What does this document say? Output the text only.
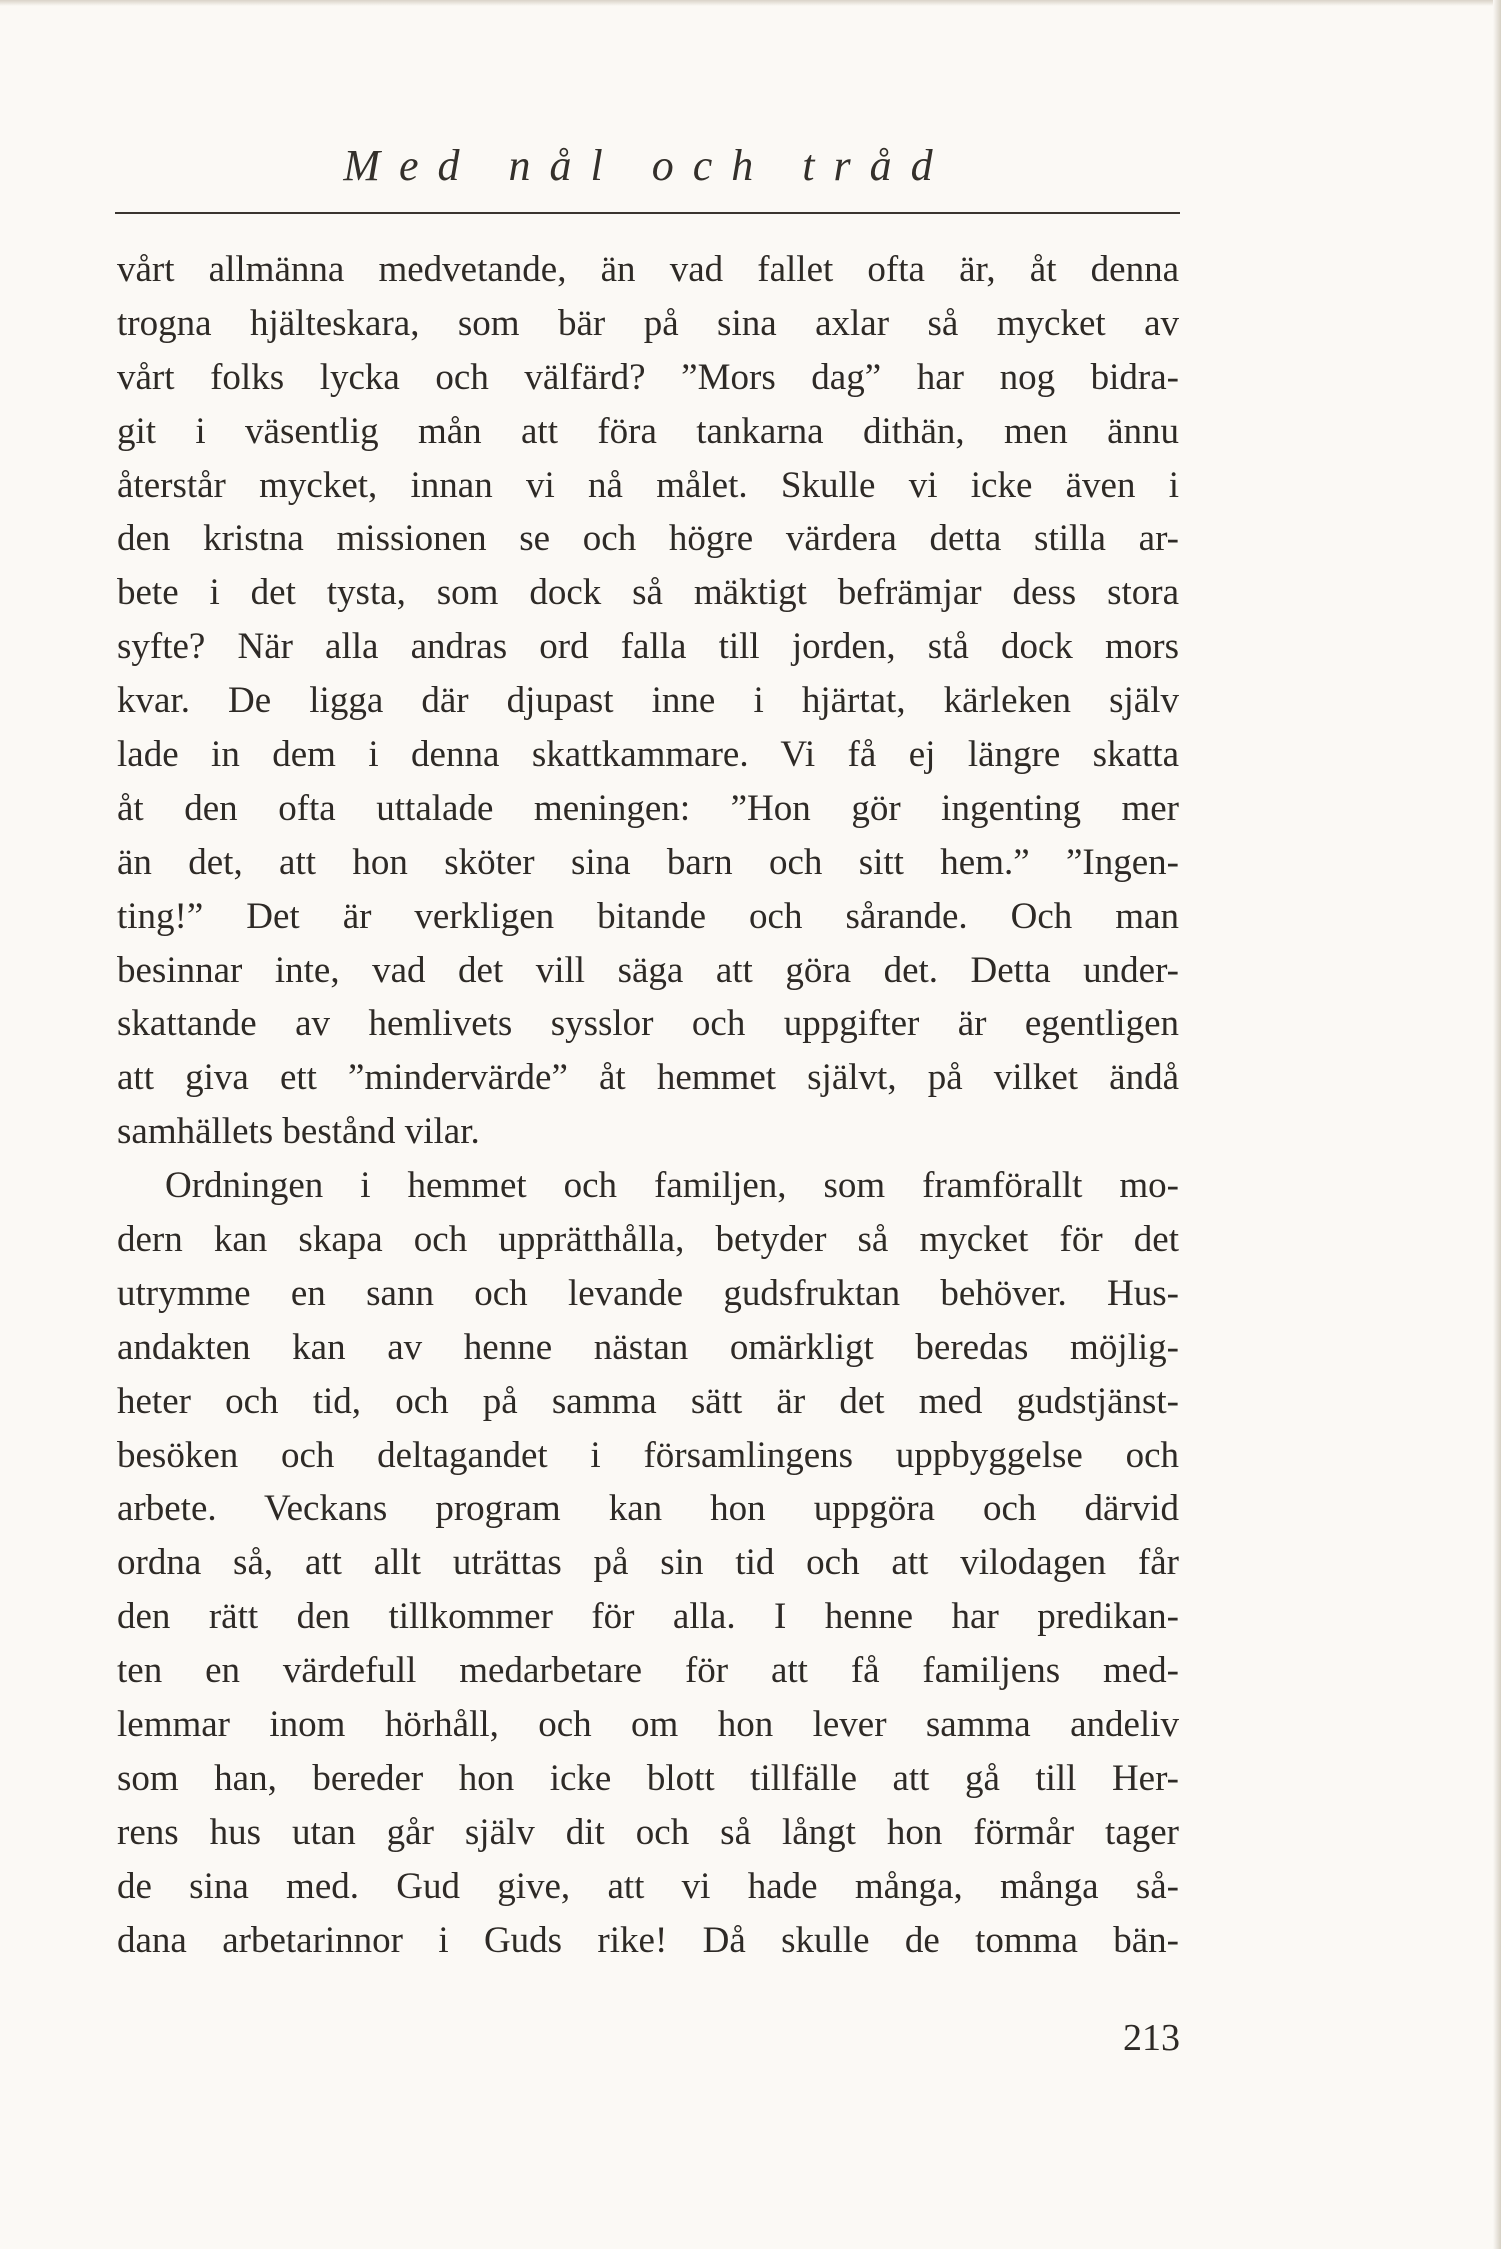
Med nål och tråd
vårt allmänna medvetande, än vad fallet ofta är, åt denna
trogna hjälteskara, som bär på sina axlar så mycket av
vårt folks lycka och välfärd? ”Mors dag” har nog bidra-
git i väsentlig mån att föra tankarna dithän, men ännu
återstår mycket, innan vi nå målet. Skulle vi icke även i
den kristna missionen se och högre värdera detta stilla ar-
bete i det tysta, som dock så mäktigt befrämjar dess stora
syfte? När alla andras ord falla till jorden, stå dock mors
kvar. De ligga där djupast inne i hjärtat, kärleken själv
lade in dem i denna skattkammare. Vi få ej längre skatta
åt den ofta uttalade meningen: ”Hon gör ingenting mer
än det, att hon sköter sina barn och sitt hem.” ”Ingen-
ting!” Det är verkligen bitande och sårande. Och man
besinnar inte, vad det vill säga att göra det. Detta under-
skattande av hemlivets sysslor och uppgifter är egentligen
att giva ett ”mindervärde” åt hemmet självt, på vilket ändå
samhällets bestånd vilar.
Ordningen i hemmet och familjen, som framförallt mo-
dern kan skapa och upprätthålla, betyder så mycket för det
utrymme en sann och levande gudsfruktan behöver. Hus-
andakten kan av henne nästan omärkligt beredas möjlig-
heter och tid, och på samma sätt är det med gudstjänst-
besöken och deltagandet i församlingens uppbyggelse och
arbete. Veckans program kan hon uppgöra och därvid
ordna så, att allt uträttas på sin tid och att vilodagen får
den rätt den tillkommer för alla. I henne har predikan-
ten en värdefull medarbetare för att få familjens med-
lemmar inom hörhåll, och om hon lever samma andeliv
som han, bereder hon icke blott tillfälle att gå till Her-
rens hus utan går själv dit och så långt hon förmår tager
de sina med. Gud give, att vi hade många, många så-
dana arbetarinnor i Guds rike! Då skulle de tomma bän-
213
